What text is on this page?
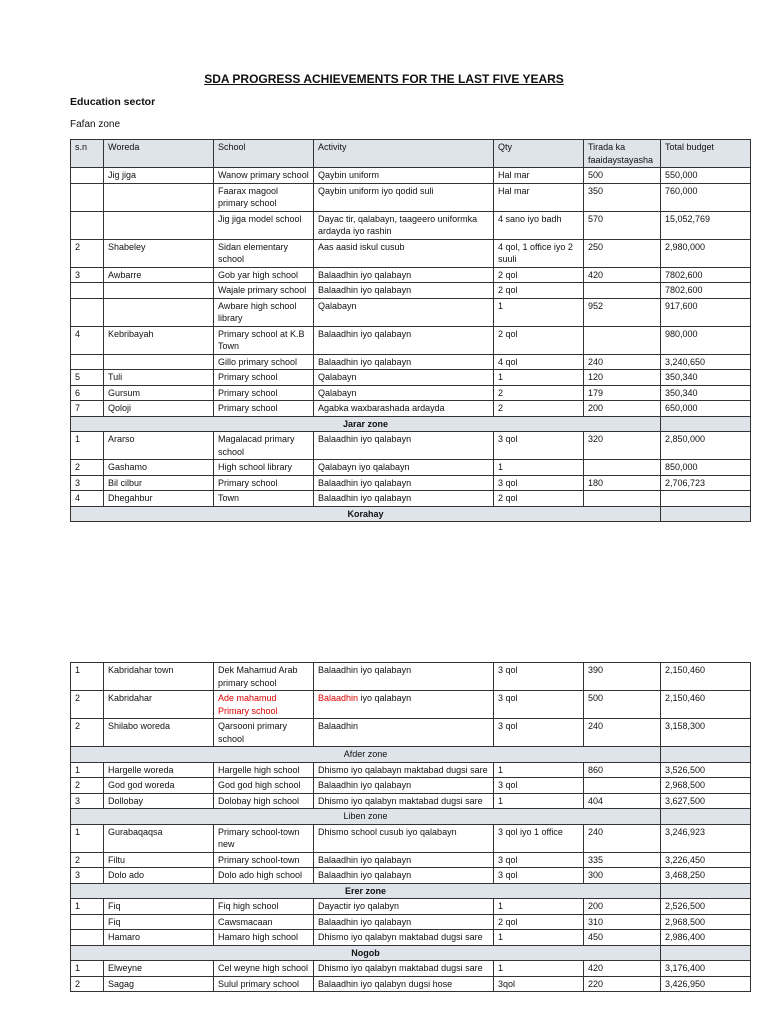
SDA PROGRESS ACHIEVEMENTS FOR THE LAST FIVE YEARS
Education sector
Fafan zone
s.n	Woreda	School	Activity	Qty	Tirada ka faaidaystayasha	Total budget
	Jig jiga	Wanow primary school	Qaybin uniform	Hal mar	500	550,000
		Faarax magool primary school	Qaybin uniform iyo qodid suli	Hal mar	350	760,000
		Jig jiga model school	Dayac tir, qalabayn, taageero uniformka ardayda iyo rashin	4 sano iyo badh	570	15,052,769
2	Shabeley	Sidan elementary school	Aas aasid iskul cusub	4 qol, 1 office iyo 2 suuli	250	2,980,000
3	Awbarre	Gob yar high school	Balaadhin iyo qalabayn	2 qol	420	7802,600
		Wajale primary school	Balaadhin iyo qalabayn	2 qol		7802,600
		Awbare high school library	Qalabayn	1	952	917,600
4	Kebribayah	Primary school at K.B Town	Balaadhin iyo qalabayn	2 qol		980,000
		Gillo primary school	Balaadhin iyo qalabayn	4 qol	240	3,240,650
5	Tuli	Primary school	Qalabayn	1	120	350,340
6	Gursum	Primary school	Qalabayn	2	179	350,340
7	Qoloji	Primary school	Agabka waxbarashada ardayda	2	200	650,000
Jarar zone						
1	Ararso	Magalacad primary school	Balaadhin iyo qalabayn	3 qol	320	2,850,000
2	Gashamo	High school library	Qalabayn iyo qalabayn	1		850,000
3	Bil cilbur	Primary school	Balaadhin iyo qalabayn	3 qol	180	2,706,723
4	Dhegahbur	Town	Balaadhin iyo qalabayn	2 qol		
Korahay						
1	Kabridahar town	Dek Mahamud Arab primary school	Balaadhin iyo qalabayn	3 qol	390	2,150,460
2	Kabridahar	Ade mahamud Primary school	Balaadhin iyo qalabayn	3 qol	500	2,150,460
2	Shilabo woreda	Qarsooni primary school	Balaadhin	3 qol	240	3,158,300
Afder zone						
1	Hargelle woreda	Hargelle high school	Dhismo iyo qalabayn maktabad dugsi sare	1	860	3,526,500
2	God god woreda	God god high school	Balaadhin iyo qalabayn	3 qol		2,968,500
3	Dollobay	Dolobay high school	Dhismo iyo qalabyn maktabad dugsi sare	1	404	3,627,500
Liben zone						
1	Gurabaqaqsa	Primary school-town new	Dhismo school cusub iyo qalabayn	3 qol iyo 1 office	240	3,246,923
2	Filtu	Primary school-town	Balaadhin iyo qalabayn	3 qol	335	3,226,450
3	Dolo ado	Dolo ado high school	Balaadhin iyo qalabayn	3 qol	300	3,468,250
Erer zone						
1	Fiq	Fiq high school	Dayactir iyo qalabyn	1	200	2,526,500
	Fiq	Cawsmacaan	Balaadhin iyo qalabayn	2 qol	310	2,968,500
	Hamaro	Hamaro high school	Dhismo iyo qalabyn maktabad dugsi sare	1	450	2,986,400
Nogob						
1	Elweyne	Cel weyne high school	Dhismo iyo qalabyn maktabad dugsi sare	1	420	3,176,400
2	Sagag	Sulul primary school	Balaadhin iyo qalabyn dugsi hose	3qol	220	3,426,950
